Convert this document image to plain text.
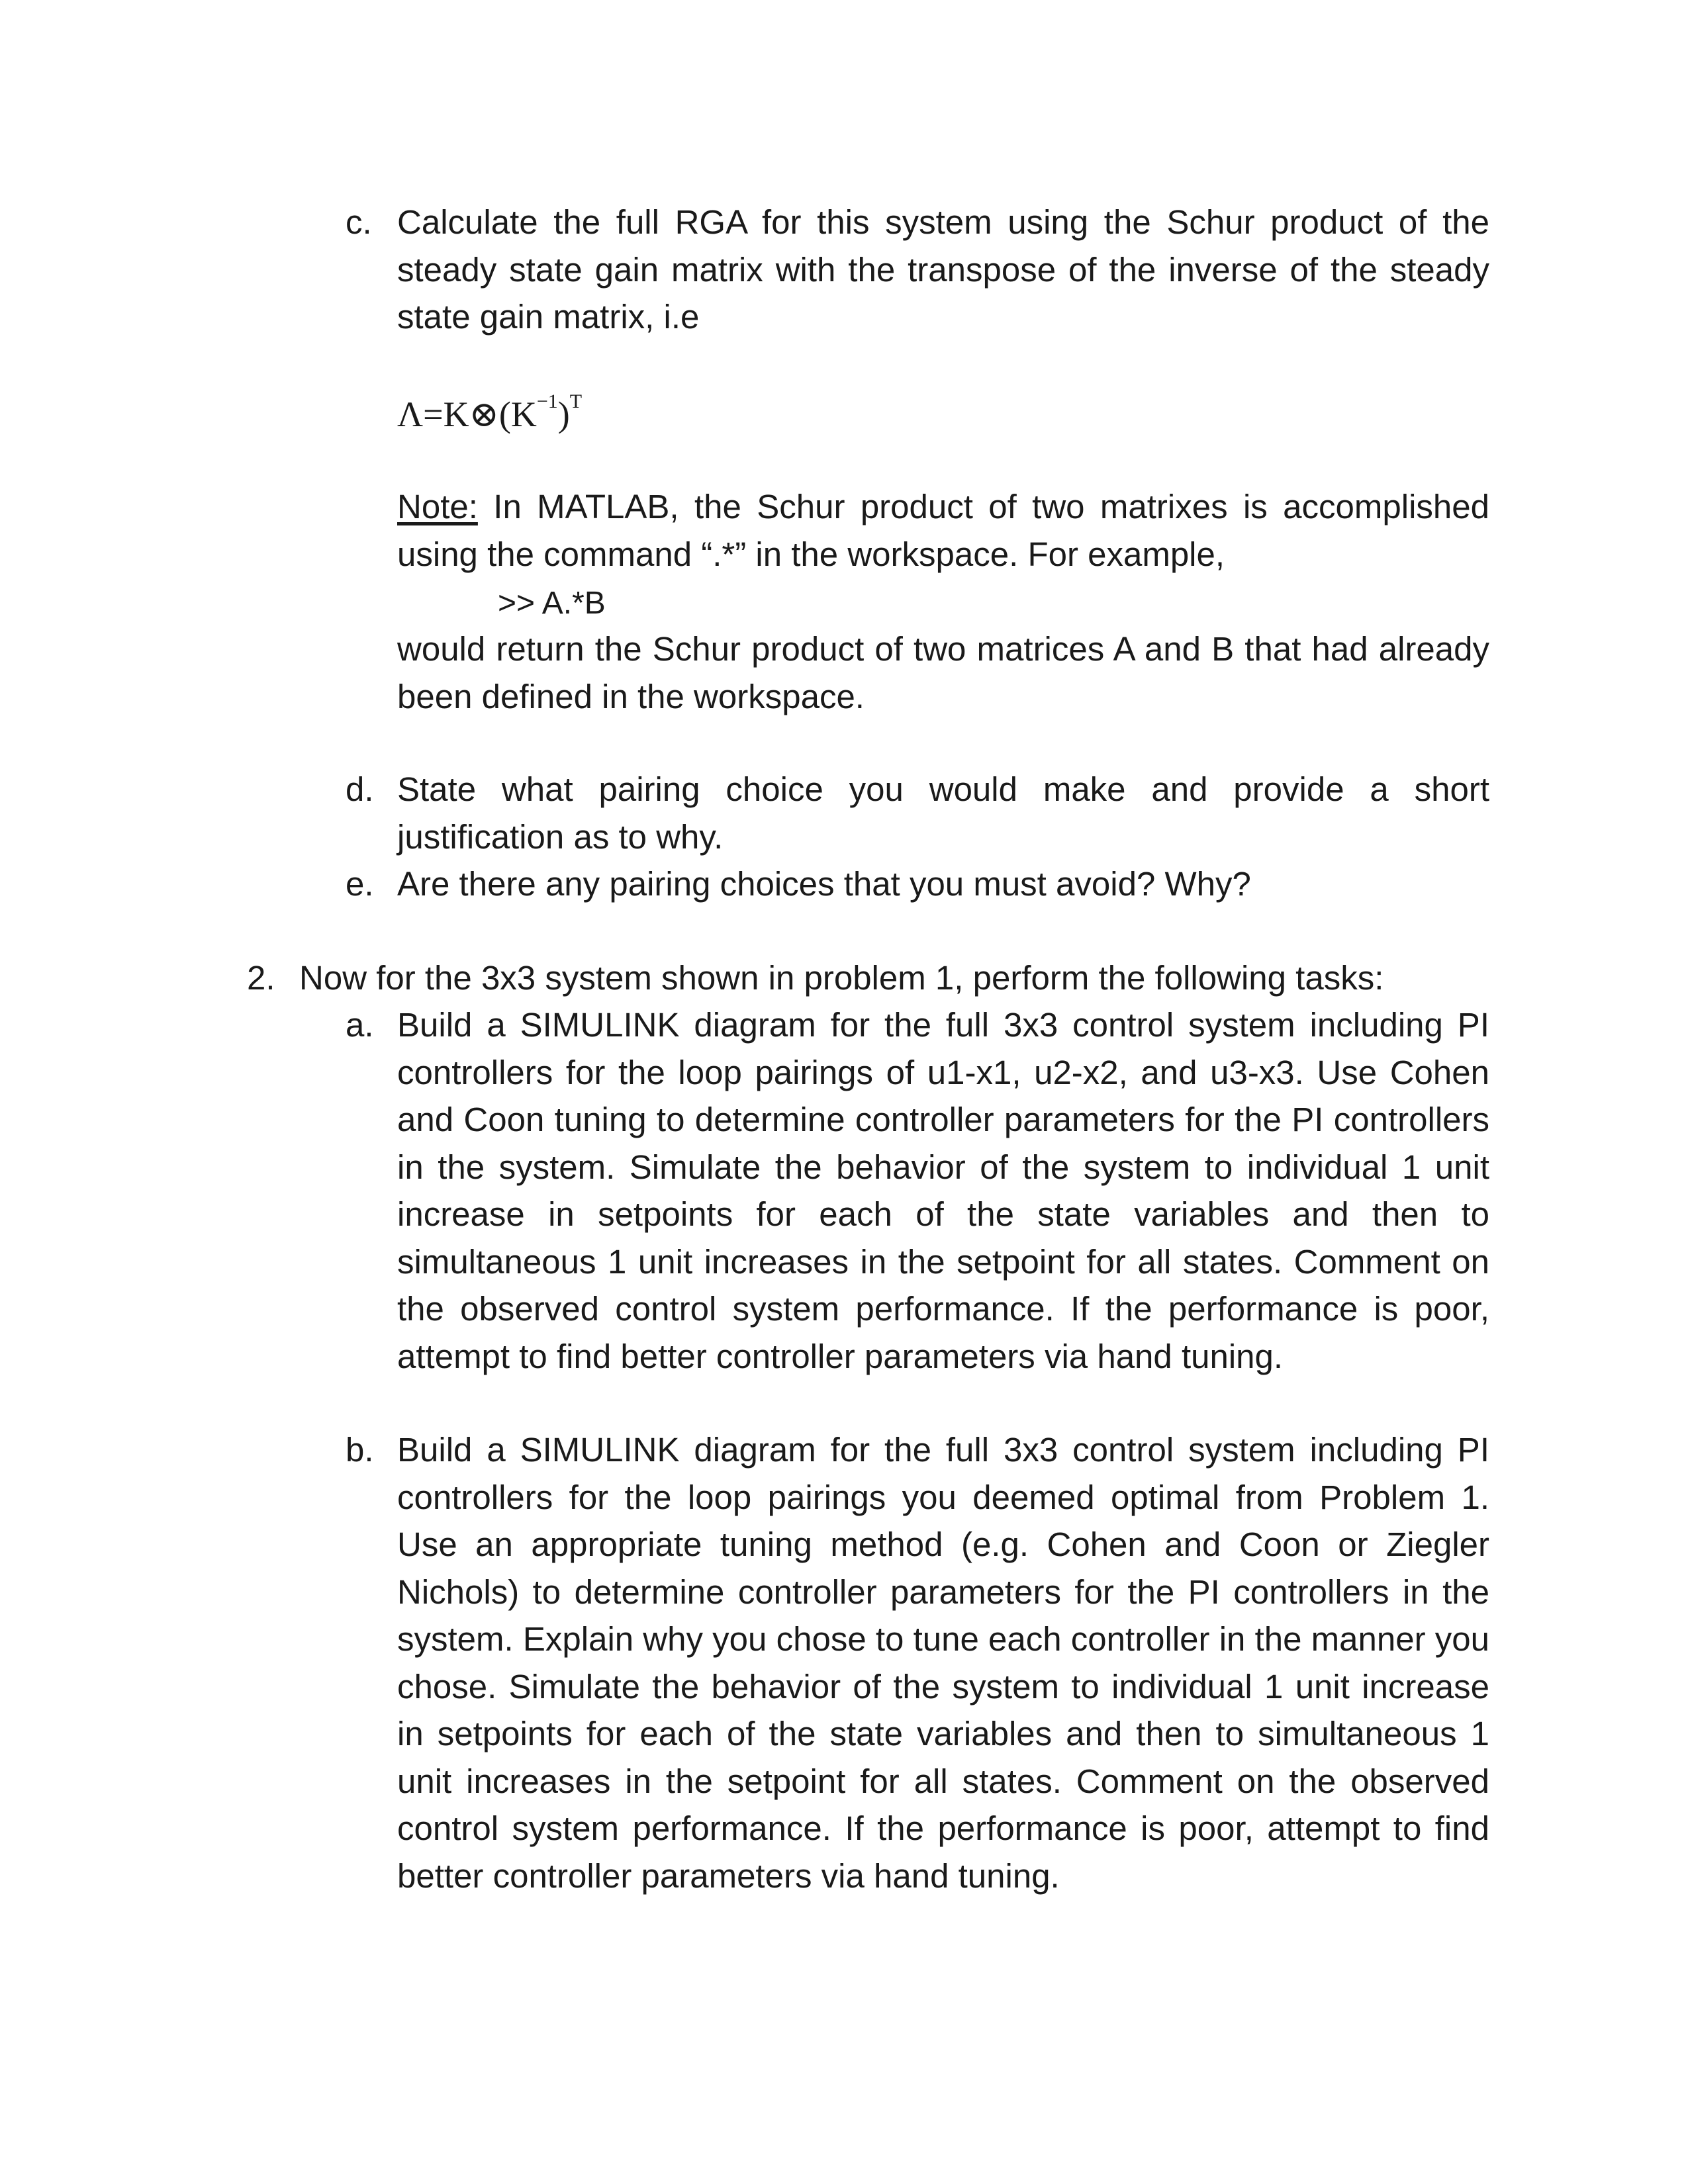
c. Calculate the full RGA for this system using the Schur product of the steady state gain matrix with the transpose of the inverse of the steady state gain matrix, i.e
$\Lambda=K\otimes(K^{-1})^T$
Note: In MATLAB, the Schur product of two matrixes is accomplished using the command “.*” in the workspace. For example,
>> A.*B
would return the Schur product of two matrices A and B that had already been defined in the workspace.
d. State what pairing choice you would make and provide a short justification as to why.
e. Are there any pairing choices that you must avoid? Why?
2. Now for the 3x3 system shown in problem 1, perform the following tasks:
a. Build a SIMULINK diagram for the full 3x3 control system including PI controllers for the loop pairings of u1-x1, u2-x2, and u3-x3. Use Cohen and Coon tuning to determine controller parameters for the PI controllers in the system. Simulate the behavior of the system to individual 1 unit increase in setpoints for each of the state variables and then to simultaneous 1 unit increases in the setpoint for all states. Comment on the observed control system performance. If the performance is poor, attempt to find better controller parameters via hand tuning.
b. Build a SIMULINK diagram for the full 3x3 control system including PI controllers for the loop pairings you deemed optimal from Problem 1. Use an appropriate tuning method (e.g. Cohen and Coon or Ziegler Nichols) to determine controller parameters for the PI controllers in the system. Explain why you chose to tune each controller in the manner you chose. Simulate the behavior of the system to individual 1 unit increase in setpoints for each of the state variables and then to simultaneous 1 unit increases in the setpoint for all states. Comment on the observed control system performance. If the performance is poor, attempt to find better controller parameters via hand tuning.
